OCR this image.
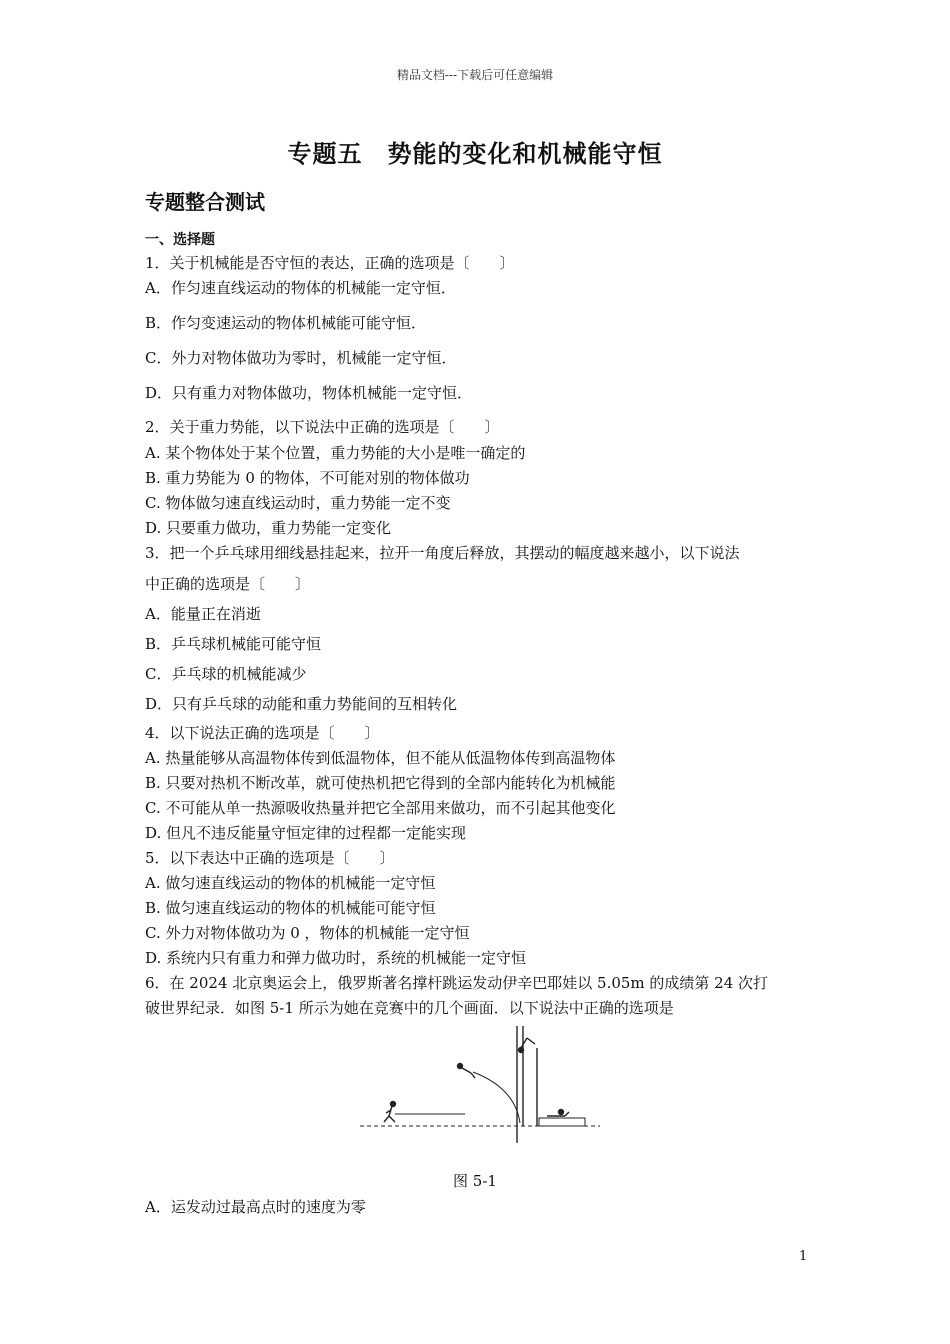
精品文档---下载后可任意编辑
专题五　势能的变化和机械能守恒
专题整合测试
一、选择题
1．关于机械能是否守恒的表达，正确的选项是〔　　〕
A．作匀速直线运动的物体的机械能一定守恒．
B．作匀变速运动的物体机械能可能守恒．
C．外力对物体做功为零时，机械能一定守恒．
D．只有重力对物体做功，物体机械能一定守恒．
2．关于重力势能，以下说法中正确的选项是〔　　〕
A. 某个物体处于某个位置，重力势能的大小是唯一确定的
B. 重力势能为 0 的物体，不可能对别的物体做功
C. 物体做匀速直线运动时，重力势能一定不变
D. 只要重力做功，重力势能一定变化
3．把一个乒乓球用细线悬挂起来，拉开一角度后释放，其摆动的幅度越来越小，以下说法
中正确的选项是〔　　〕
A．能量正在消逝
B．乒乓球机械能可能守恒
C．乒乓球的机械能减少
D．只有乒乓球的动能和重力势能间的互相转化
4．以下说法正确的选项是〔　　〕
A. 热量能够从高温物体传到低温物体，但不能从低温物体传到高温物体
B. 只要对热机不断改革，就可使热机把它得到的全部内能转化为机械能
C. 不可能从单一热源吸收热量并把它全部用来做功，而不引起其他变化
D. 但凡不违反能量守恒定律的过程都一定能实现
5．以下表达中正确的选项是〔　　〕
A. 做匀速直线运动的物体的机械能一定守恒
B. 做匀速直线运动的物体的机械能可能守恒
C. 外力对物体做功为 0 ，物体的机械能一定守恒
D. 系统内只有重力和弹力做功时，系统的机械能一定守恒
6．在 2024 北京奥运会上，俄罗斯著名撑杆跳运发动伊辛巴耶娃以 5.05m 的成绩第 24 次打
破世界纪录．如图 5-1 所示为她在竞赛中的几个画面．以下说法中正确的选项是
图 5-1
A．运发动过最高点时的速度为零
1
